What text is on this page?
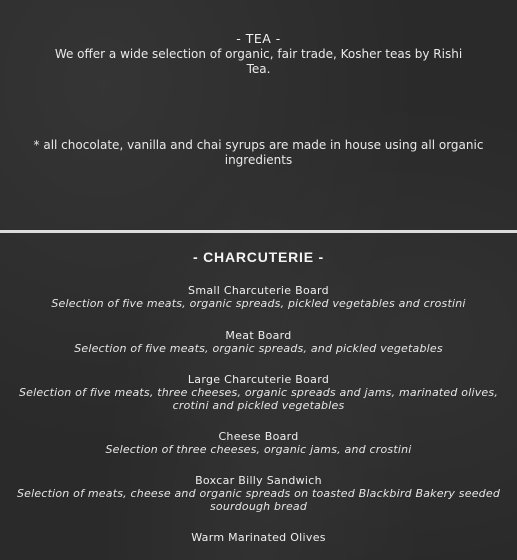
- TEA -
We offer a wide selection of organic, fair trade, Kosher teas by Rishi Tea.
* all chocolate, vanilla and chai syrups are made in house using all organic ingredients
- CHARCUTERIE -
Small Charcuterie Board
Selection of five meats, organic spreads, pickled vegetables and crostini
Meat Board
Selection of five meats, organic spreads, and pickled vegetables
Large Charcuterie Board
Selection of five meats, three cheeses, organic spreads and jams, marinated olives, crotini and pickled vegetables
Cheese Board
Selection of three cheeses, organic jams, and crostini
Boxcar Billy Sandwich
Selection of meats, cheese and organic spreads on toasted Blackbird Bakery seeded sourdough bread
Warm Marinated Olives
